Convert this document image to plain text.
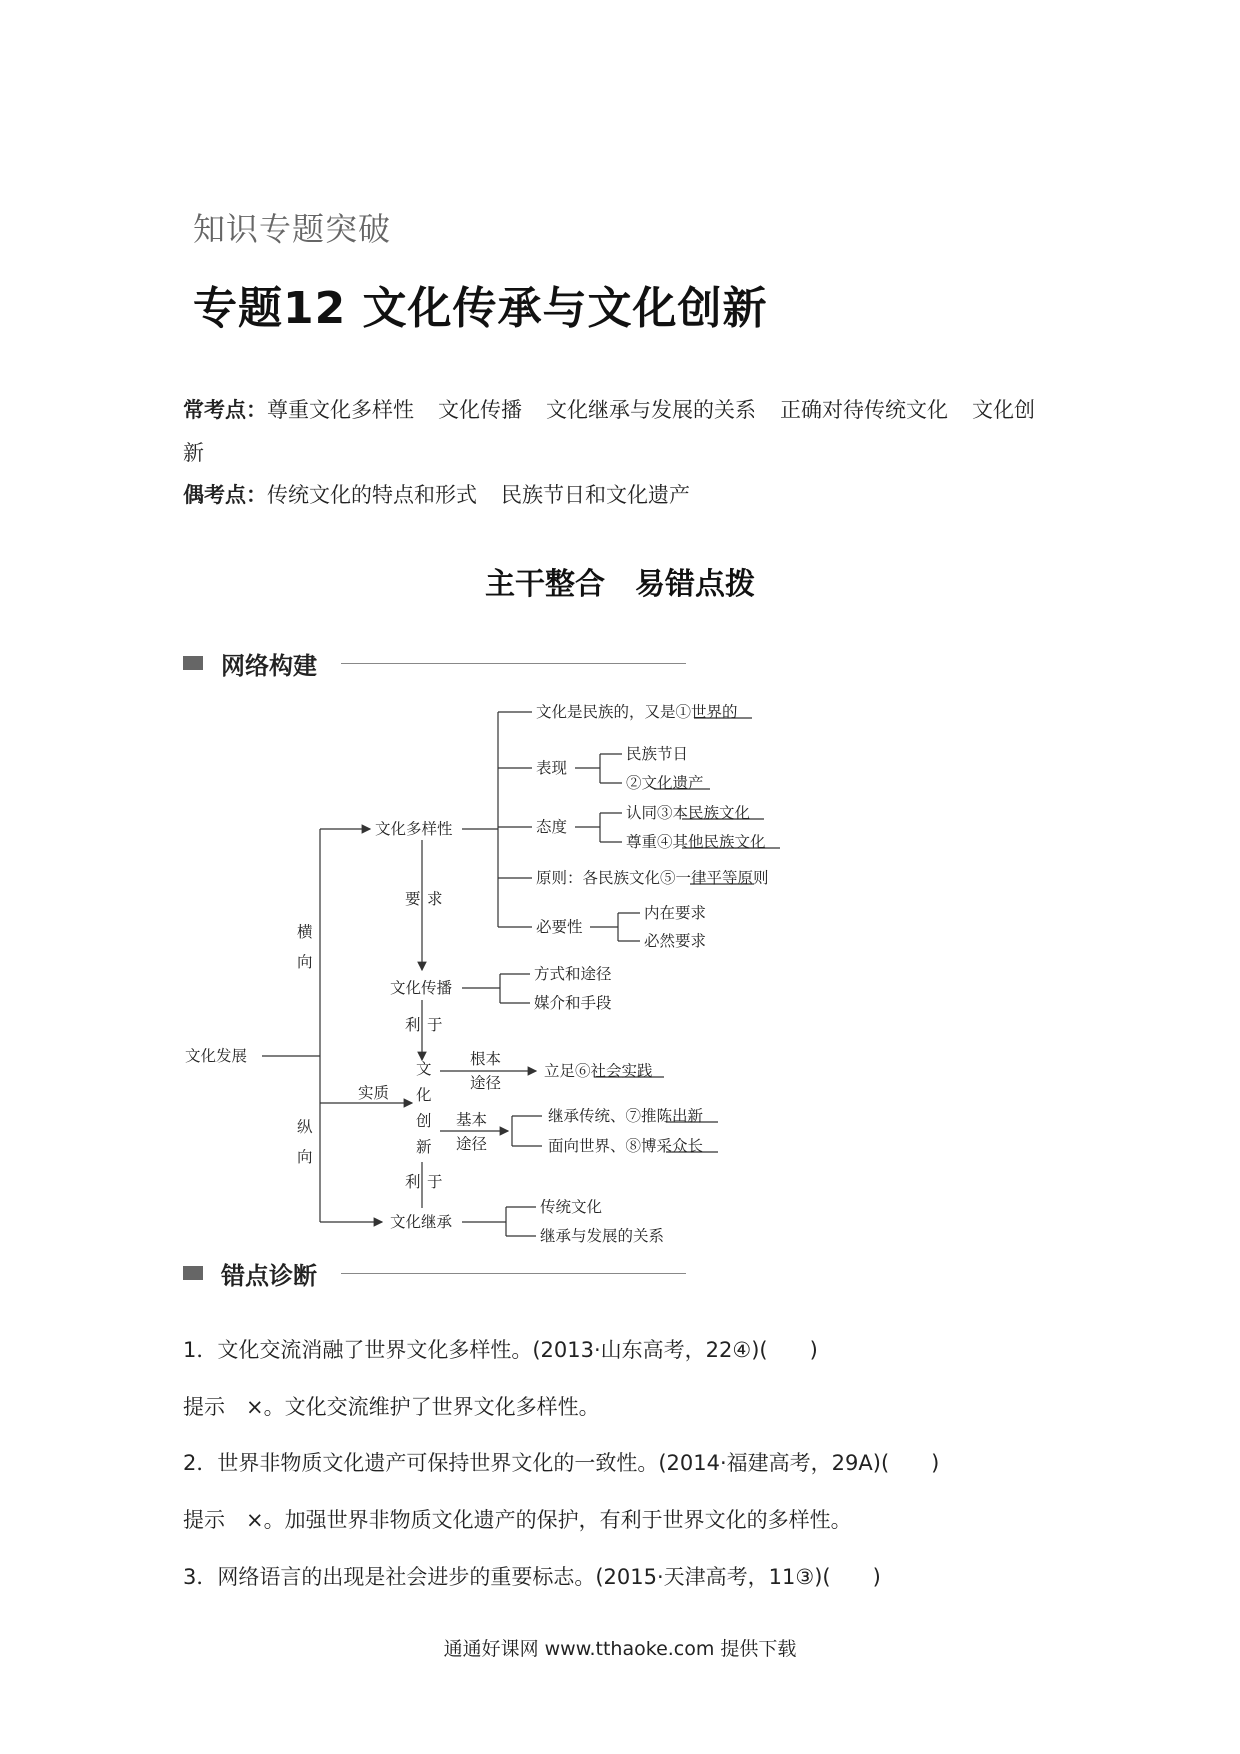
知识专题突破
专题12 文化传承与文化创新
常考点：尊重文化多样性 文化传播 文化继承与发展的关系 正确对待传统文化 文化创
新
偶考点：传统文化的特点和形式 民族节日和文化遗产
主干整合　易错点拨
网络构建
文化发展
横
向
纵
向
文化多样性
要 求
文化传播
利 于
实质
文
化
创
新
利 于
文化继承
文化是民族的，又是①世界的
表现
民族节日
②文化遗产
态度
认同③本民族文化
尊重④其他民族文化
原则：各民族文化⑤一律平等原则
必要性
内在要求
必然要求
方式和途径
媒介和手段
根本
途径
立足⑥社会实践
基本
途径
继承传统、⑦推陈出新
面向世界、⑧博采众长
传统文化
继承与发展的关系
错点诊断
1．文化交流消融了世界文化多样性。(2013·山东高考，22④)(　　)
提示　×。文化交流维护了世界文化多样性。
2．世界非物质文化遗产可保持世界文化的一致性。(2014·福建高考，29A)(　　)
提示　×。加强世界非物质文化遗产的保护，有利于世界文化的多样性。
3．网络语言的出现是社会进步的重要标志。(2015·天津高考，11③)(　　)
通通好课网 www.tthaoke.com 提供下载
